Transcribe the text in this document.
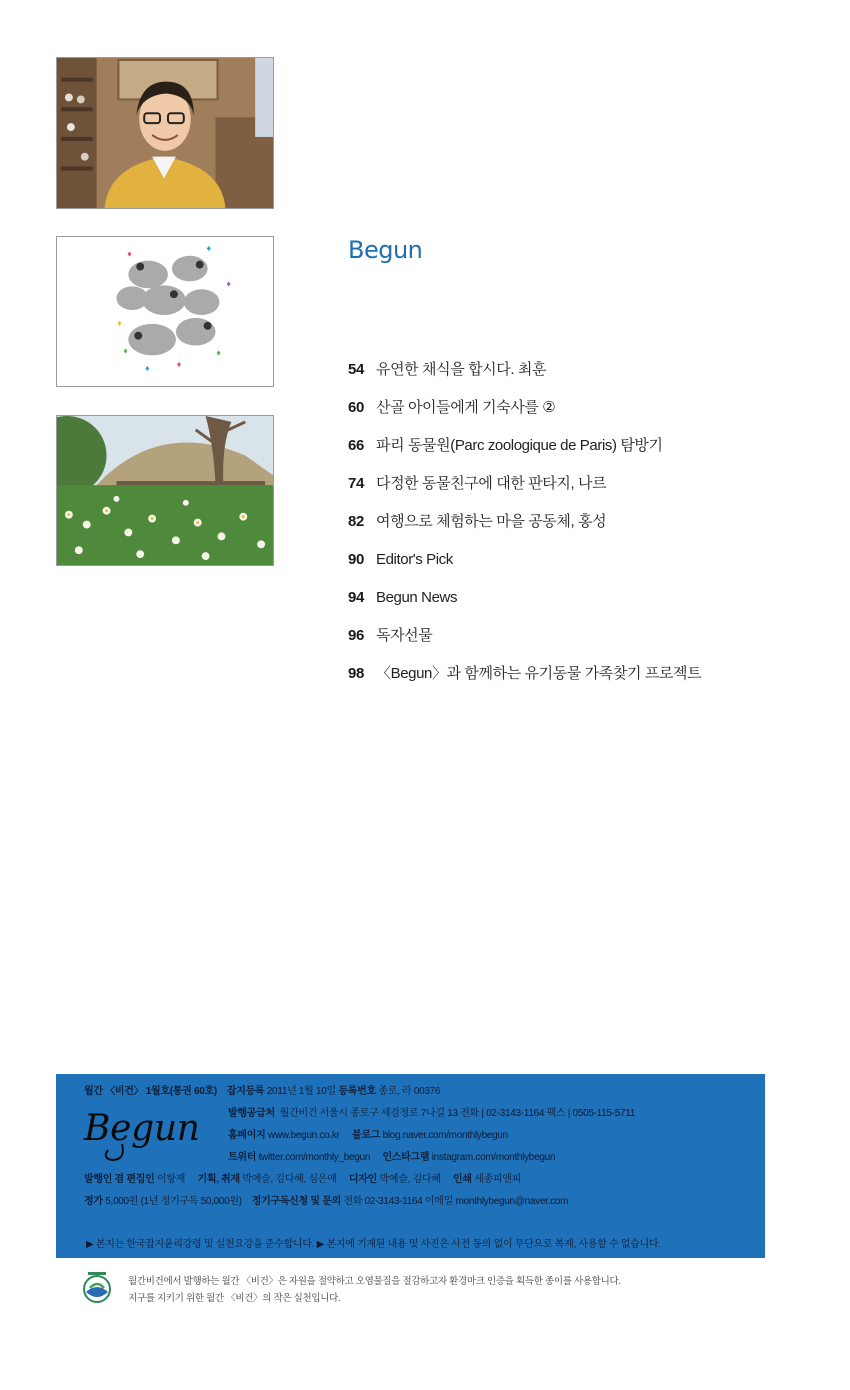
♦
♦
♦
♦
♦
♦
♦
♦
Begun
54 유연한 채식을 합시다. 최훈
60 산골 아이들에게 기숙사를 ②
66 파리 동물원(Parc zoologique de Paris) 탐방기
74 다정한 동물친구에 대한 판타지, 나르
82 여행으로 체험하는 마을 공동체, 홍성
90 Editor's Pick
94 Begun News
96 독자선물
98 〈Begun〉과 함께하는 유기동물 가족찾기 프로젝트
월간 〈비건〉 1월호(통권 60호) 잡지등록 2011년 1월 10일 등록번호 종로, 라 00376
Begun	발행공급처 월간비건 서울시 종로구 세검정로 7나길 13 전화 | 02-3143-1164 팩스 | 0505-115-5711
홈페이지 www.begun.co.kr 블로그 blog.naver.com/monthlybegun
트위터 twitter.com/monthly_begun 인스타그램 instagram.com/monthlybegun
발행인 겸 편집인 이항재 기획, 취재 박예슬, 김다혜, 심은애 디자인 박예슬, 김다혜 인쇄 세종피앤피
정가 5,000원 (1년 정기구독 50,000원) 정기구독신청 및 문의 전화 02-3143-1164 이메일 monthlybegun@naver.com
▶ 본지는 한국잡지윤리강령 및 실천요강을 준수합니다. ▶ 본지에 기재된 내용 및 사진은 사전 동의 없이 무단으로 복제, 사용할 수 없습니다.
월간비건에서 발행하는 월간 〈비건〉은 자원을 절약하고 오염물질을 절감하고자 환경마크 인증을 획득한 종이를 사용합니다.
지구를 지키기 위한 월간 〈비건〉의 작은 실천입니다.
